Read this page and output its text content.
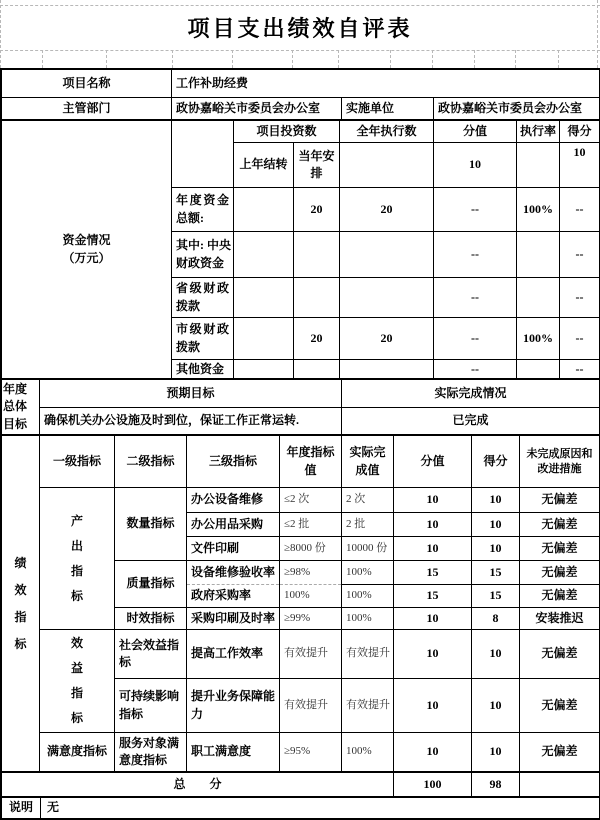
项目支出绩效自评表
项目名称	工作补助经费		
主管部门	政协嘉峪关市委员会办公室	实施单位	政协嘉峪关市委员会办公室
资金情况
（万元）		项目投资数		全年执行数	分值	执行率	得分
		上年结转	当年安排		10		10
	年度资金总额:		20	20	--	100%	--
	其中: 中央财政资金				--		--
	省级财政拨款				--		--
	市级财政拨款		20	20	--	100%	--
	其他资金				--		--
年度总体目标	预期目标	实际完成情况
	确保机关办公设施及时到位，保证工作正常运转.	已完成
绩效指标	一级指标	二级指标	三级指标	年度指标值	实际完成值	分值	得分	未完成原因和改进措施

	产出指标	数量指标	办公设备维修	≤2 次	2 次	10	10	无偏差
			办公用品采购	≤2 批	2 批	10	10	无偏差
			文件印刷	≥8000 份	10000 份	10	10	无偏差
		质量指标	设备维修验收率	≥98%	100%	15	15	无偏差
			政府采购率	100%	100%	15	15	无偏差
		时效指标	采购印刷及时率	≥99%	100%	10	8	安装推迟

	效益指标	社会效益指标	提高工作效率	有效提升	有效提升	10	10	无偏差
		可持续影响指标	提升业务保障能力	有效提升	有效提升	10	10	无偏差
	满意度指标	服务对象满意度指标	职工满意度	≥95%	100%	10	10	无偏差
总　　分	100	98	
说明	无
